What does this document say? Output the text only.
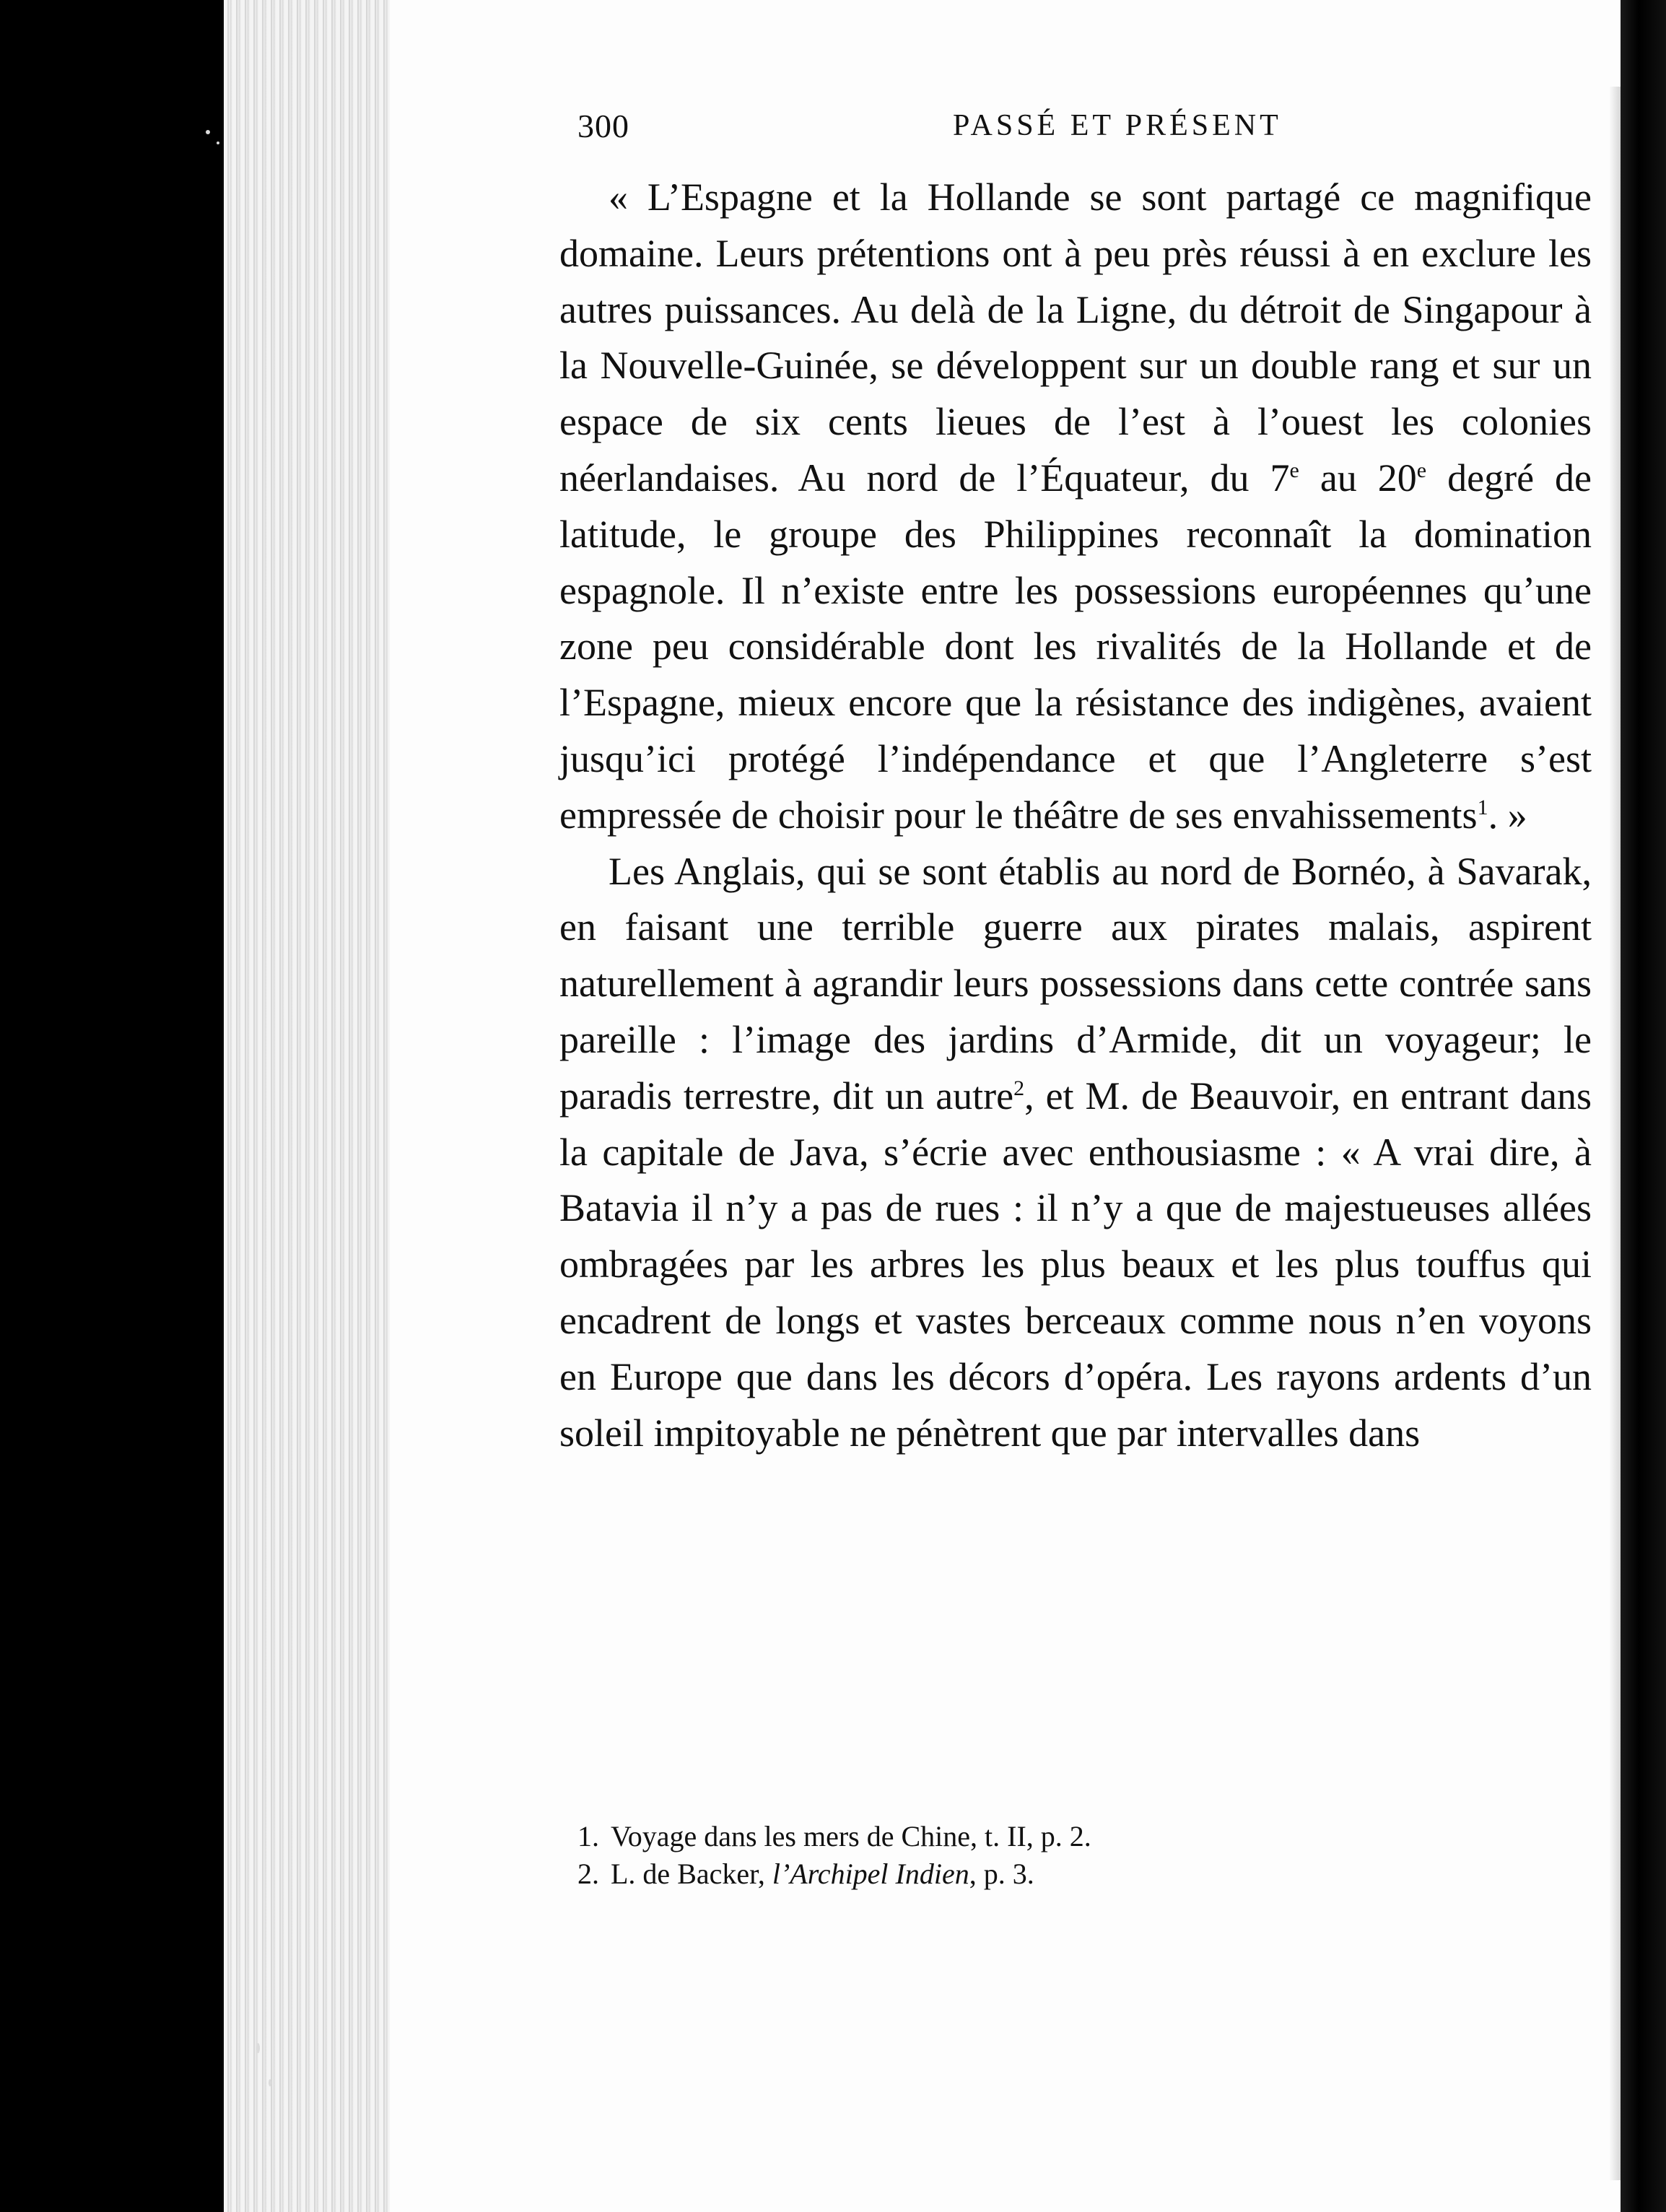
300	PASSÉ ET PRÉSENT

« L’Espagne et la Hollande se sont partagé ce magnifique domaine. Leurs prétentions ont à peu près réussi à en exclure les autres puissances. Au delà de la Ligne, du détroit de Singapour à la Nouvelle-Guinée, se développent sur un double rang et sur un espace de six cents lieues de l’est à l’ouest les colonies néerlandaises. Au nord de l’Équateur, du 7e au 20e degré de latitude, le groupe des Philippines reconnaît la domination espagnole. Il n’existe entre les possessions européennes qu’une zone peu considérable dont les rivalités de la Hollande et de l’Espagne, mieux encore que la résistance des indigènes, avaient jusqu’ici protégé l’indépendance et que l’Angleterre s’est empressée de choisir pour le théâtre de ses envahissements$^1$. »

Les Anglais, qui se sont établis au nord de Bornéo, à Savarak, en faisant une terrible guerre aux pirates malais, aspirent naturellement à agrandir leurs possessions dans cette contrée sans pareille : l’image des jardins d’Armide, dit un voyageur; le paradis terrestre, dit un autre$^2$, et M. de Beauvoir, en entrant dans la capitale de Java, s’écrie avec enthousiasme : « A vrai dire, à Batavia il n’y a pas de rues : il n’y a que de majestueuses allées ombragées par les arbres les plus beaux et les plus touffus qui encadrent de longs et vastes berceaux comme nous n’en voyons en Europe que dans les décors d’opéra. Les rayons ardents d’un soleil impitoyable ne pénètrent que par intervalles dans

1. Voyage dans les mers de Chine, t. II, p. 2.
2. L. de Backer, l’Archipel Indien, p. 3.
